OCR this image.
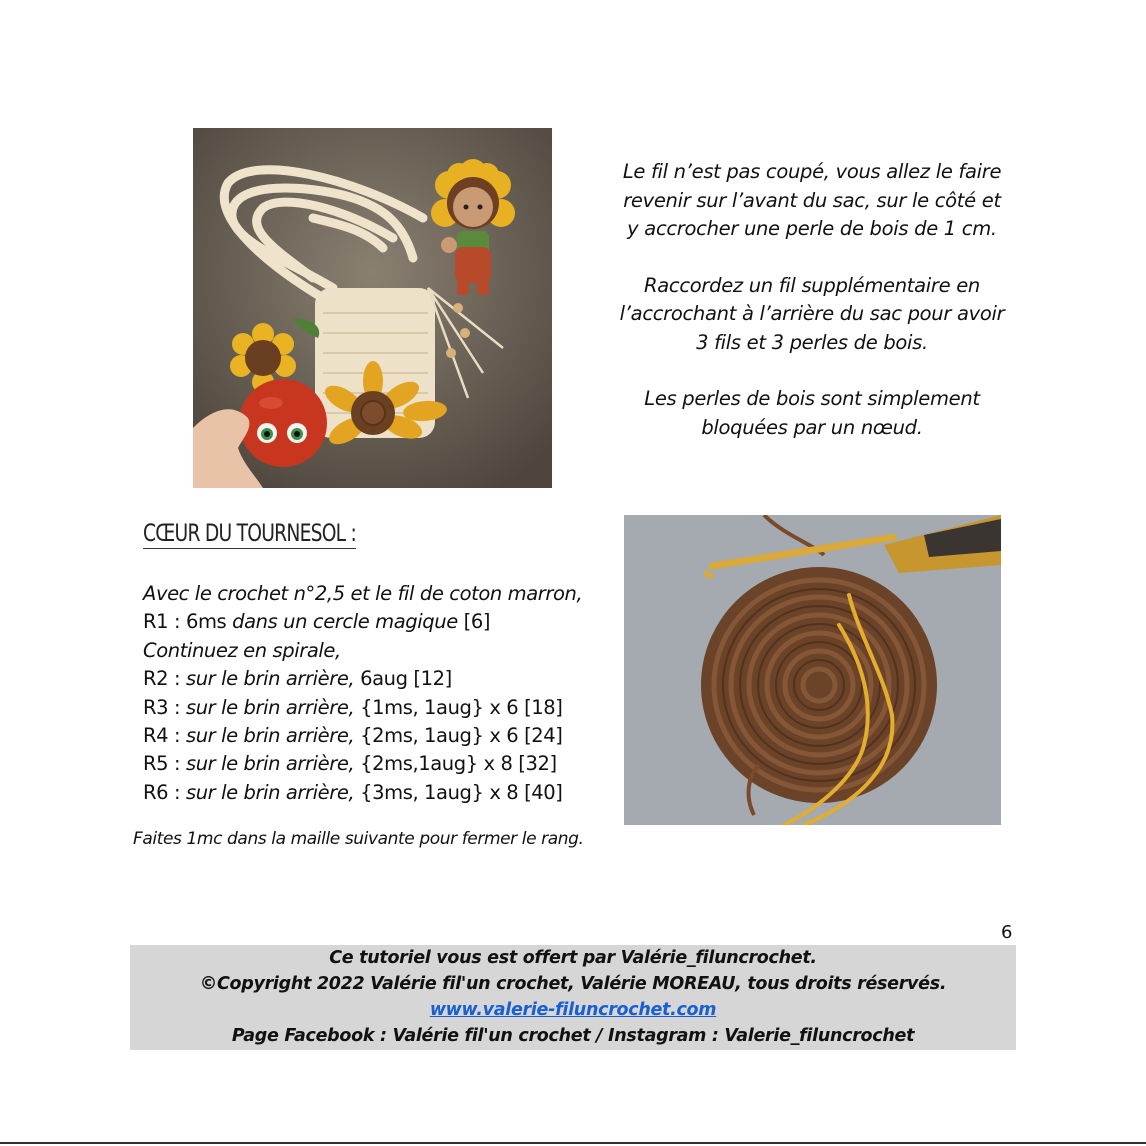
Le fil n’est pas coupé, vous allez le faire
revenir sur l’avant du sac, sur le côté et
y accrocher une perle de bois de 1 cm.

Raccordez un fil supplémentaire en
l’accrochant à l’arrière du sac pour avoir
3 fils et 3 perles de bois.

Les perles de bois sont simplement
bloquées par un nœud.

CŒUR DU TOURNESOL :
Avec le crochet n°2,5 et le fil de coton marron,
R1 : 6ms dans un cercle magique [6]
Continuez en spirale,
R2 : sur le brin arrière, 6aug [12]
R3 : sur le brin arrière, {1ms, 1aug} x 6 [18]
R4 : sur le brin arrière, {2ms, 1aug} x 6 [24]
R5 : sur le brin arrière, {2ms,1aug} x 8 [32]
R6 : sur le brin arrière, {3ms, 1aug} x 8 [40]
Faites 1mc dans la maille suivante pour fermer le rang.
6
Ce tutoriel vous est offert par Valérie_filuncrochet.
©Copyright 2022 Valérie fil'un crochet, Valérie MOREAU, tous droits réservés.
www.valerie-filuncrochet.com
Page Facebook : Valérie fil'un crochet / Instagram : Valerie_filuncrochet
